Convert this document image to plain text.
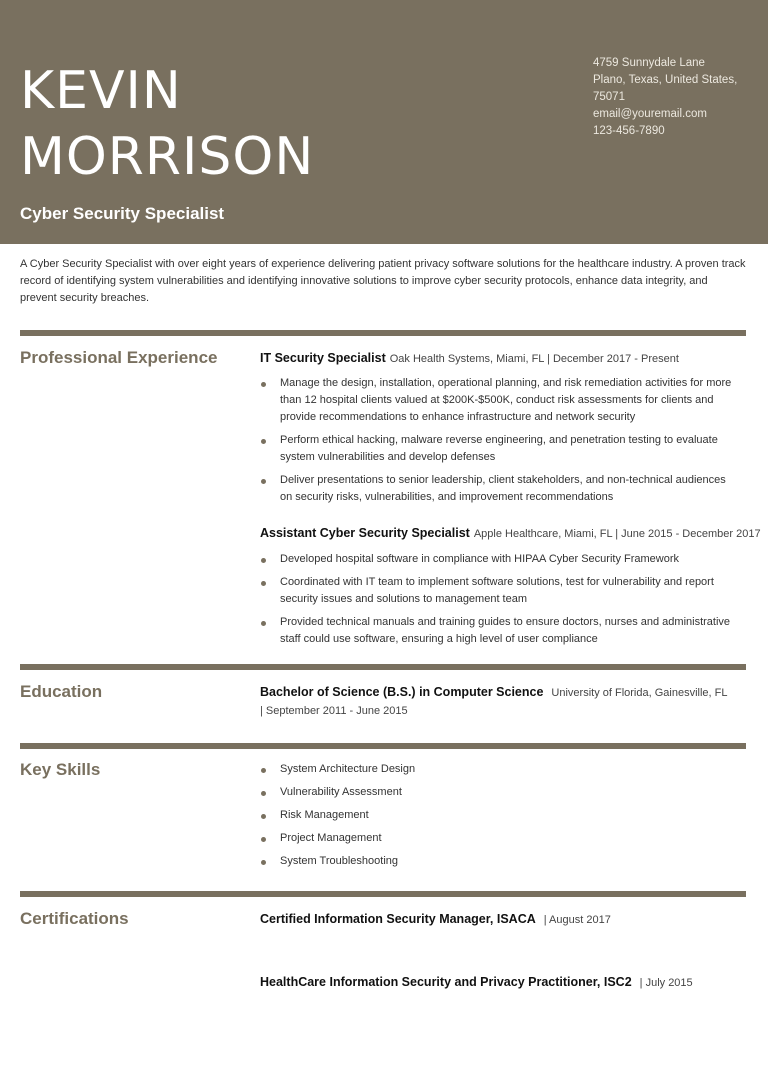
KEVIN
MORRISON
Cyber Security Specialist
4759 Sunnydale Lane
Plano, Texas, United States,
75071
email@youremail.com
123-456-7890

A Cyber Security Specialist with over eight years of experience delivering patient privacy software solutions for the healthcare industry. A proven track record of identifying system vulnerabilities and identifying innovative solutions to improve cyber security protocols, enhance data integrity, and prevent security breaches.

Professional Experience	IT Security Specialist Oak Health Systems, Miami, FL | December 2017 - Present
Manage the design, installation, operational planning, and risk remediation activities for more than 12 hospital clients valued at $200K-$500K, conduct risk assessments for clients and provide recommendations to enhance infrastructure and network security
Perform ethical hacking, malware reverse engineering, and penetration testing to evaluate system vulnerabilities and develop defenses
Deliver presentations to senior leadership, client stakeholders, and non-technical audiences on security risks, vulnerabilities, and improvement recommendations
Assistant Cyber Security Specialist Apple Healthcare, Miami, FL | June 2015 - December 2017
Developed hospital software in compliance with HIPAA Cyber Security Framework
Coordinated with IT team to implement software solutions, test for vulnerability and report security issues and solutions to management team
Provided technical manuals and training guides to ensure doctors, nurses and administrative staff could use software, ensuring a high level of user compliance
Education	Bachelor of Science (B.S.) in Computer Science University of Florida, Gainesville, FL
| September 2011 - June 2015
Key Skills	System Architecture Design
Vulnerability Assessment
Risk Management
Project Management
System Troubleshooting
Certifications	Certified Information Security Manager, ISACA | August 2017
HealthCare Information Security and Privacy Practitioner, ISC2 | July 2015
